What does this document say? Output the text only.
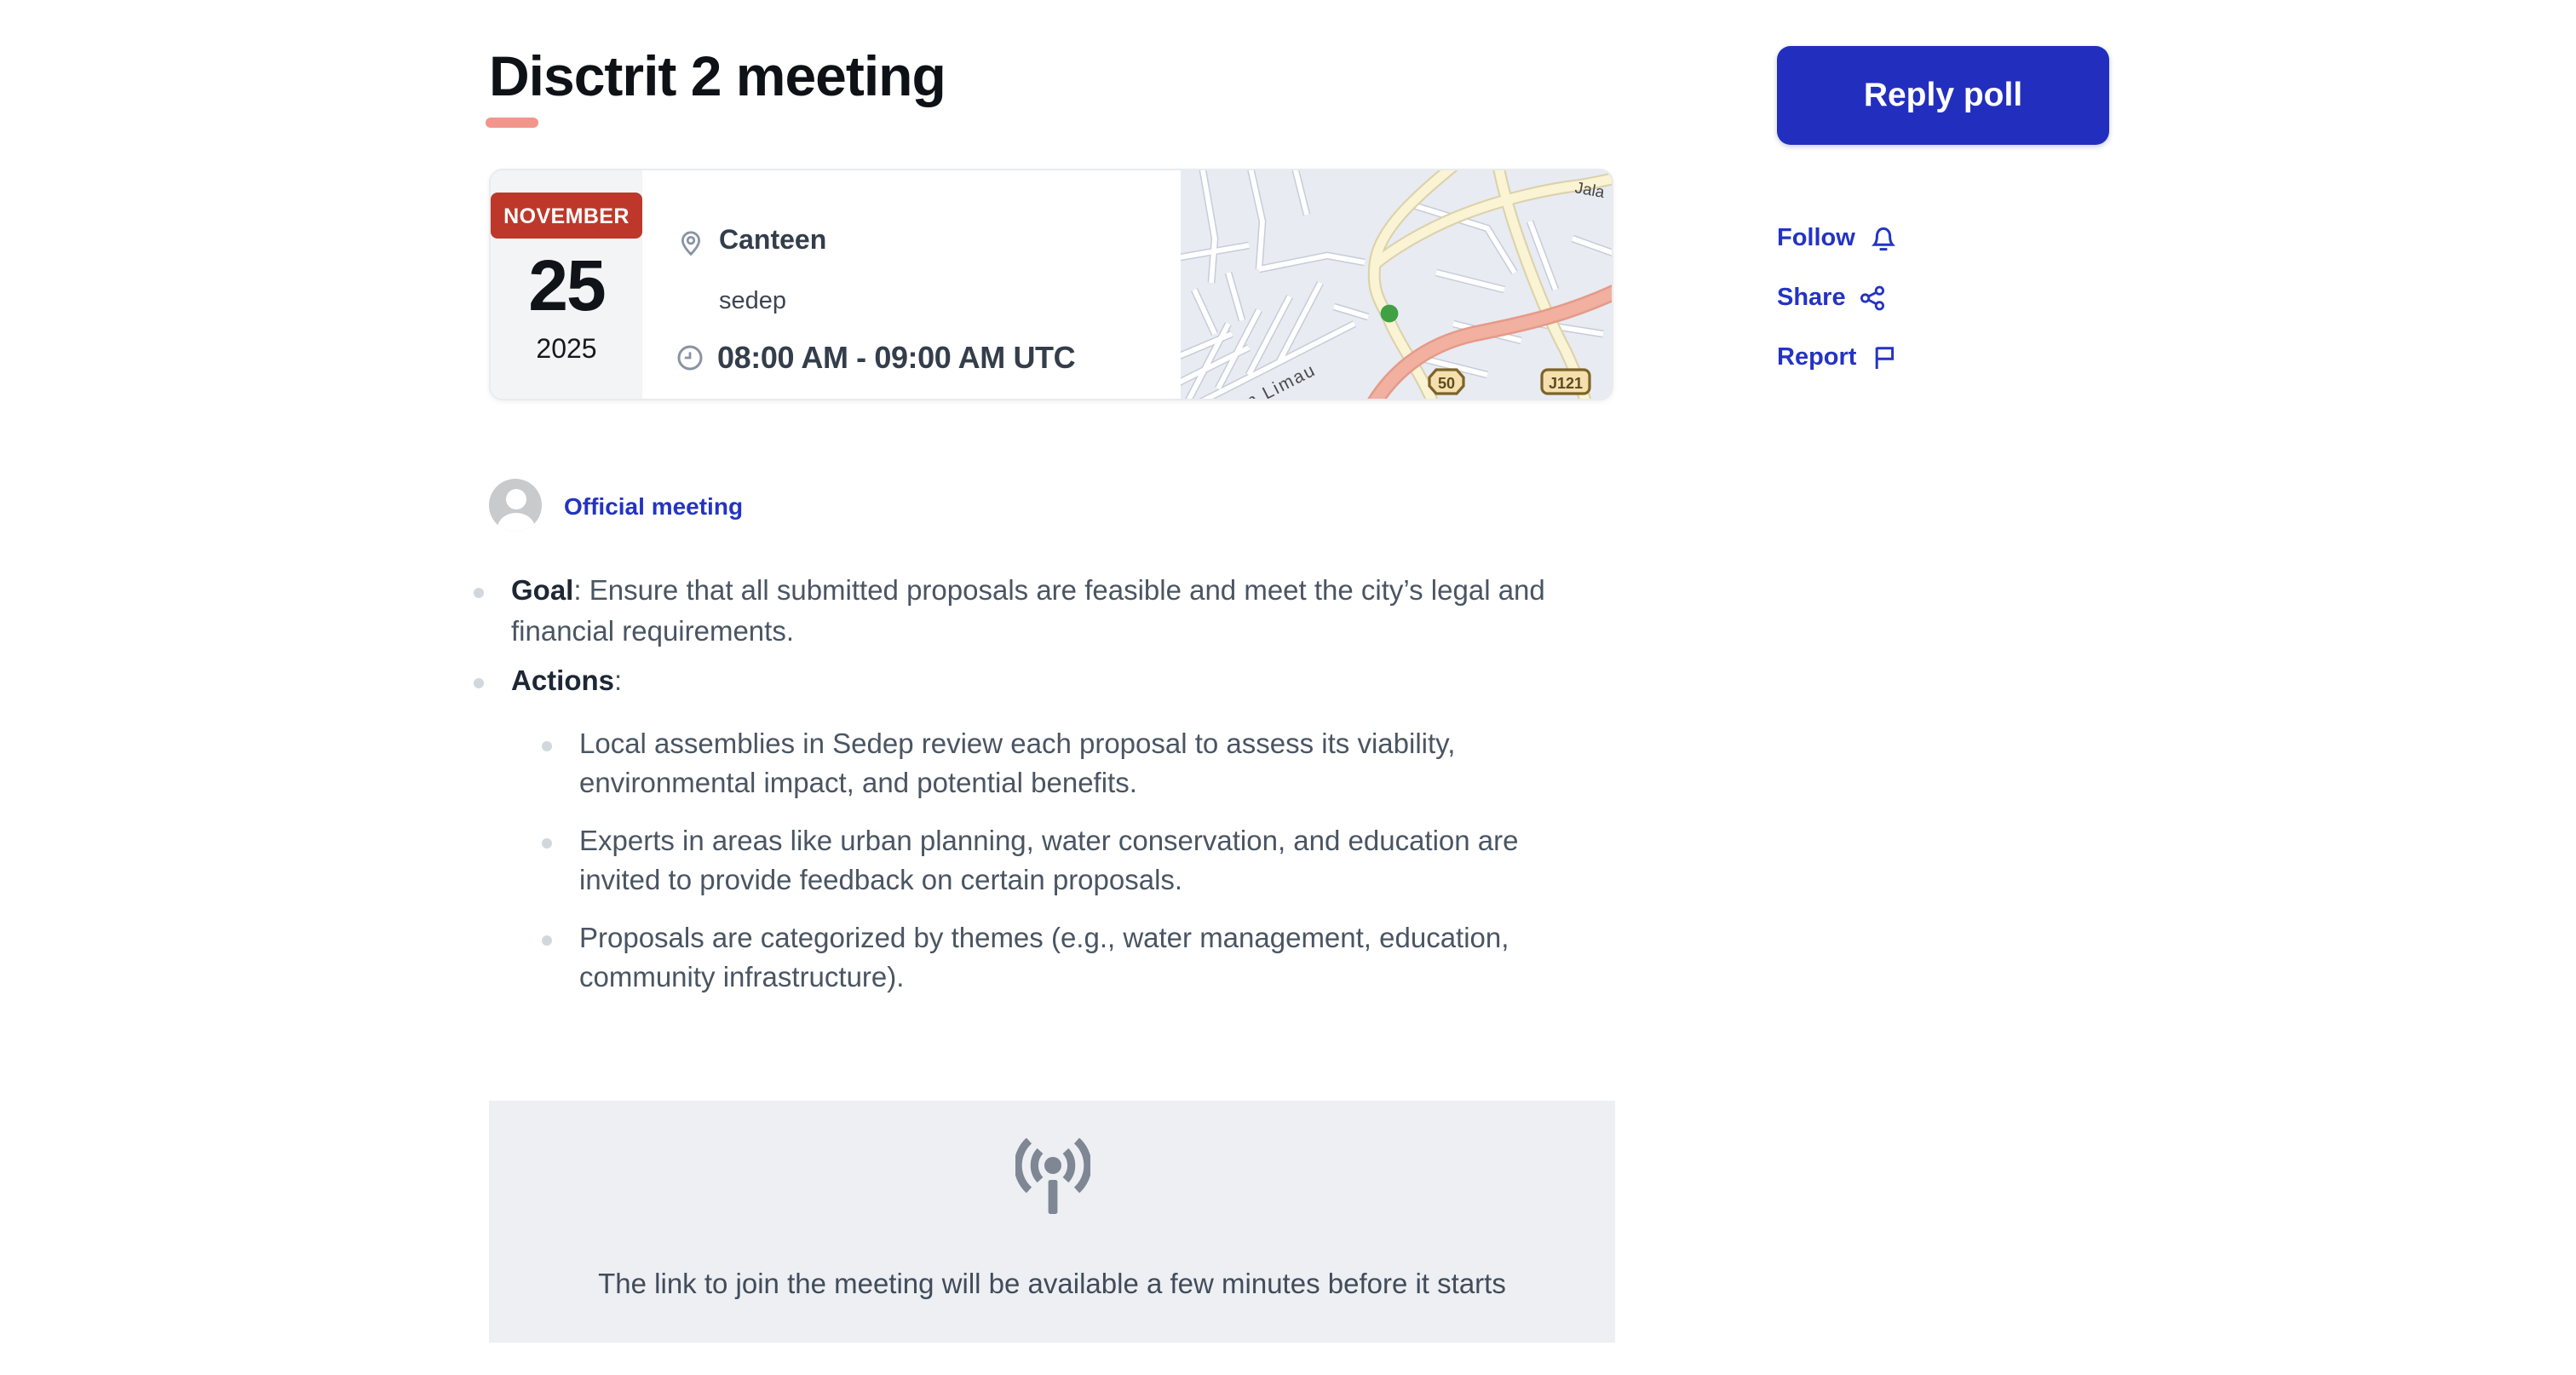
Disctrit 2 meeting
NOVEMBER
25
2025
Canteen
sedep
08:00 AM - 09:00 AM UTC
Jala
50	J121
Official meeting
Goal: Ensure that all submitted proposals are feasible and meet the city’s legal and financial requirements.
Actions:
Local assemblies in Sedep review each proposal to assess its viability, environmental impact, and potential benefits.
Experts in areas like urban planning, water conservation, and education are invited to provide feedback on certain proposals.
Proposals are categorized by themes (e.g., water management, education, community infrastructure).
The link to join the meeting will be available a few minutes before it starts
Reply poll
Follow
Share
Report
